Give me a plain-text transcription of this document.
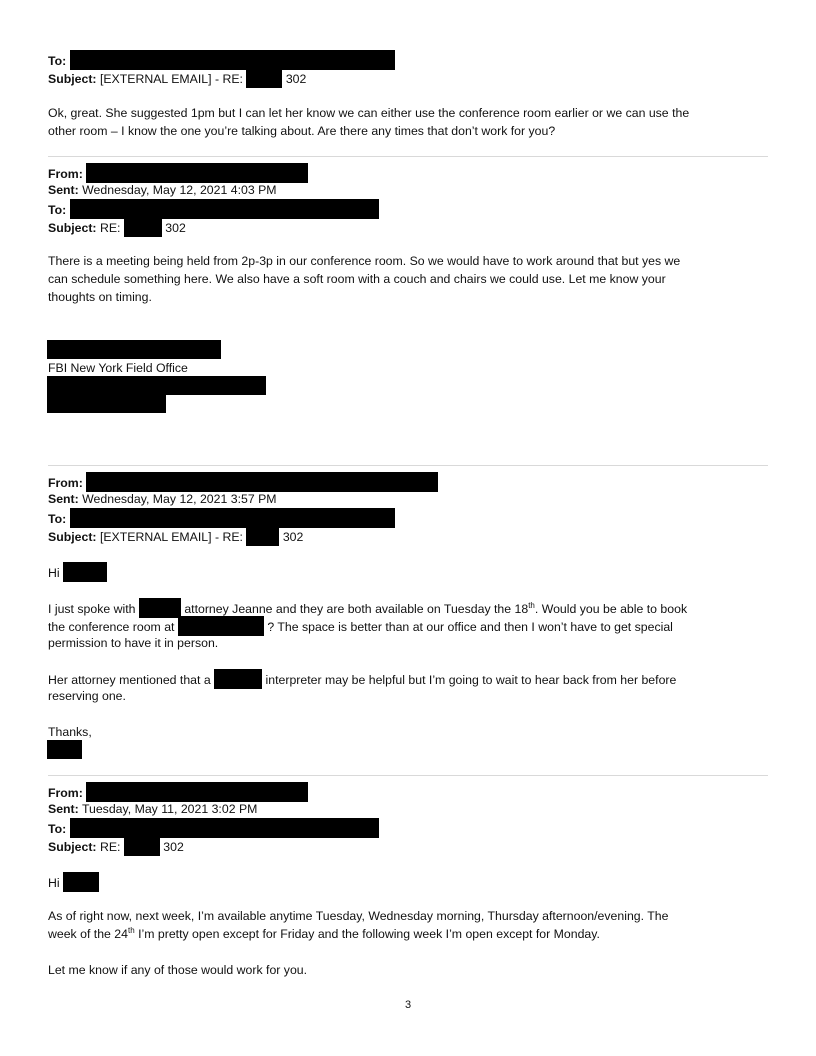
To:
Subject: [EXTERNAL EMAIL] - RE:	302
Ok, great. She suggested 1pm but I can let her know we can either use the conference room earlier or we can use the
other room – I know the one you’re talking about. Are there any times that don’t work for you?
From:
Sent: Wednesday, May 12, 2021 4:03 PM
To:
Subject: RE:	302
There is a meeting being held from 2p-3p in our conference room. So we would have to work around that but yes we
can schedule something here. We also have a soft room with a couch and chairs we could use. Let me know your
thoughts on timing.
FBI New York Field Office
From:
Sent: Wednesday, May 12, 2021 3:57 PM
To:
Subject: [EXTERNAL EMAIL] - RE:	302
Hi
I just spoke with	attorney Jeanne and they are both available on Tuesday the 18th. Would you be able to book
the conference room at	? The space is better than at our office and then I won’t have to get special
permission to have it in person.
Her attorney mentioned that a	interpreter may be helpful but I’m going to wait to hear back from her before
reserving one.
Thanks,
From:
Sent: Tuesday, May 11, 2021 3:02 PM
To:
Subject: RE:	302
Hi
As of right now, next week, I’m available anytime Tuesday, Wednesday morning, Thursday afternoon/evening. The
week of the 24th I’m pretty open except for Friday and the following week I’m open except for Monday.
Let me know if any of those would work for you.
3
